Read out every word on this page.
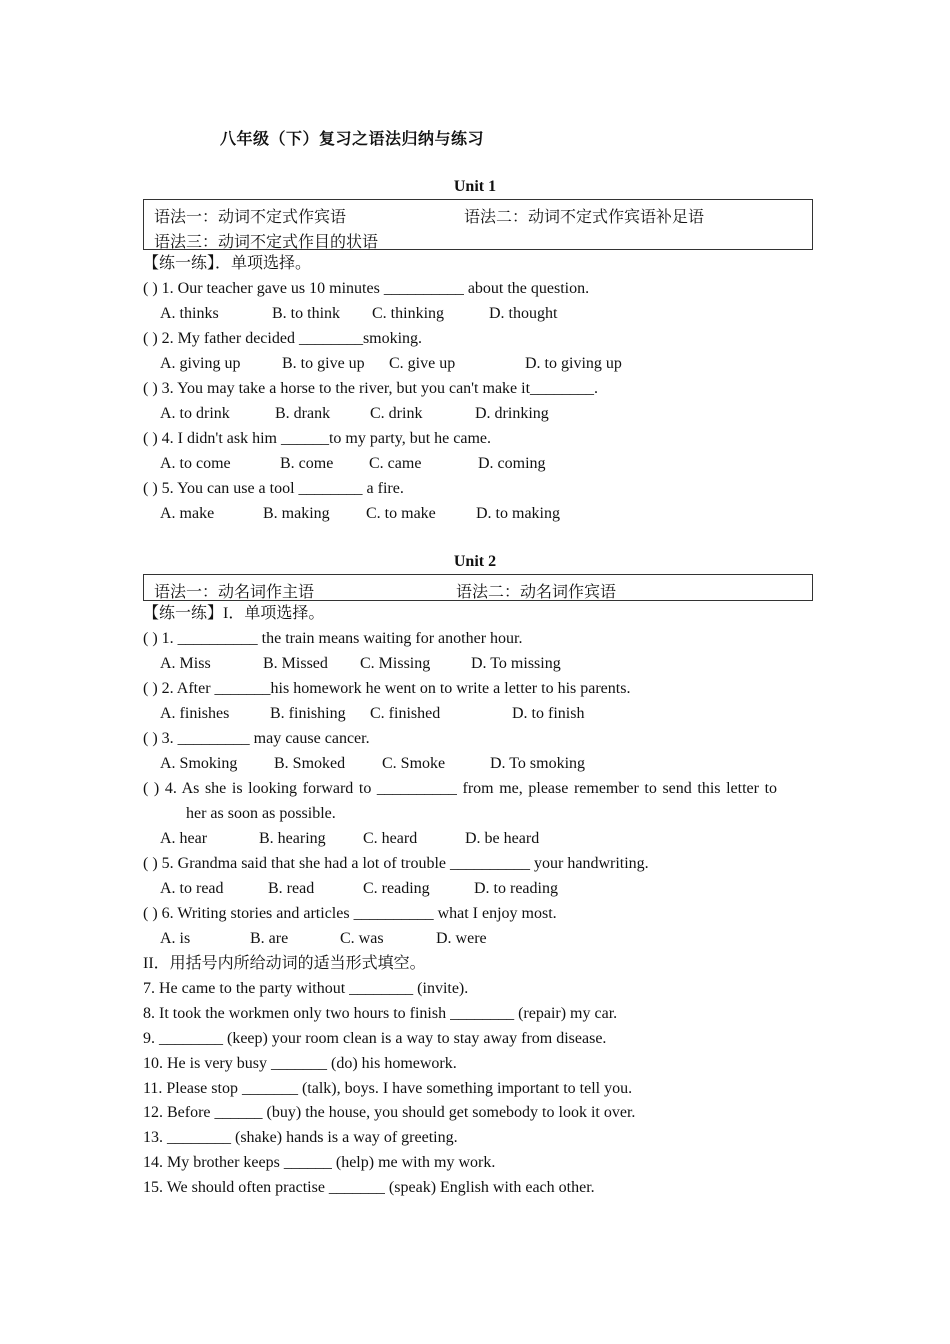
八年级（下）复习之语法归纳与练习
Unit 1
语法一：动词不定式作宾语	语法二：动词不定式作宾语补足语
语法三：动词不定式作目的状语
【练一练】．单项选择。
( ) 1. Our teacher gave us 10 minutes __________ about the question.
A. thinks	B. to think C. thinking	D. thought
( ) 2. My father decided ________smoking.
A. giving up	B. to give up C. give up	D. to giving up
( ) 3. You may take a horse to the river, but you can't make it________.
A. to drink	B. drank C. drink	D. drinking
( ) 4. I didn't ask him ______to my party, but he came.
A. to come	B. come C. came	D. coming
( ) 5. You can use a tool ________ a fire.
A. make	B. making C. to make	D. to making
Unit 2
语法一：动名词作主语	语法二：动名词作宾语
【练一练】I．单项选择。
( ) 1. __________ the train means waiting for another hour.
A. Miss	B. Missed C. Missing	D. To missing
( ) 2. After _______his homework he went on to write a letter to his parents.
A. finishes	B. finishing C. finished	D. to finish
( ) 3. _________ may cause cancer.
A. Smoking B. Smoked C. Smoke	D. To smoking
( ) 4. As she is looking forward to __________ from me, please remember to send this letter to
her as soon as possible.
A. hear	B. hearing C. heard	D. be heard
( ) 5. Grandma said that she had a lot of trouble __________ your handwriting.
A. to read	B. read	C. reading	D. to reading
( ) 6. Writing stories and articles __________ what I enjoy most.
A. is	B. are	C. was	D. were
II．用括号内所给动词的适当形式填空。
7. He came to the party without ________ (invite).
8. It took the workmen only two hours to finish ________ (repair) my car.
9. ________ (keep) your room clean is a way to stay away from disease.
10. He is very busy _______ (do) his homework.
11. Please stop _______ (talk), boys. I have something important to tell you.
12. Before ______ (buy) the house, you should get somebody to look it over.
13. ________ (shake) hands is a way of greeting.
14. My brother keeps ______ (help) me with my work.
15. We should often practise _______ (speak) English with each other.
